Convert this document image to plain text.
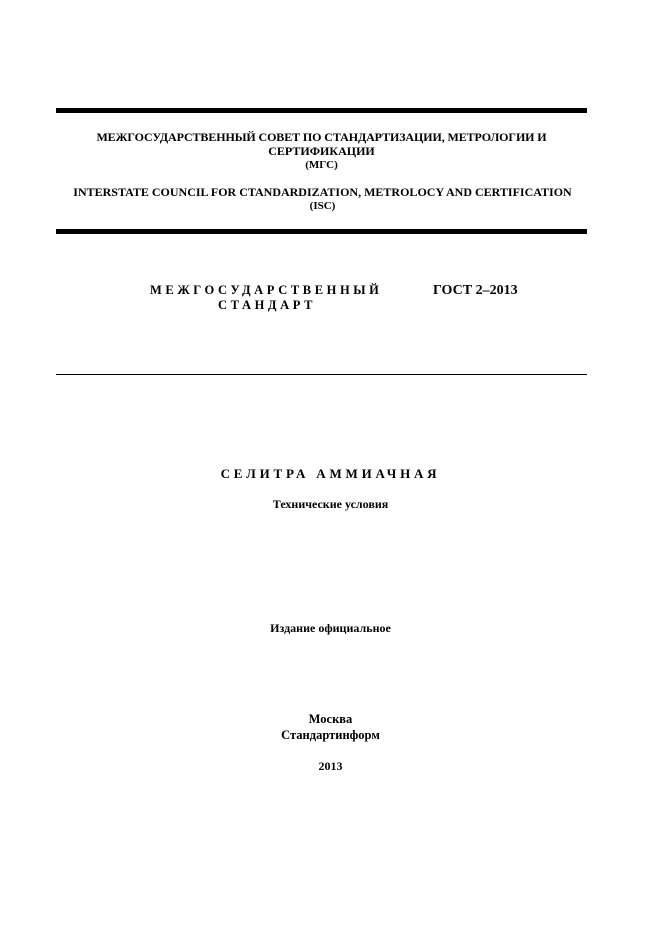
МЕЖГОСУДАРСТВЕННЫЙ СОВЕТ ПО СТАНДАРТИЗАЦИИ, МЕТРОЛОГИИ И
СЕРТИФИКАЦИИ
(МГС)
INTERSTATE COUNCIL FOR CTANDARDIZATION, METROLOCY AND CERTIFICATION
(ISC)
МЕЖГОСУДАРСТВЕННЫЙ
СТАНДАРТ
ГОСТ 2–2013
СЕЛИТРА АММИАЧНАЯ
Технические условия
Издание официальное
Москва
Стандартинформ
2013
